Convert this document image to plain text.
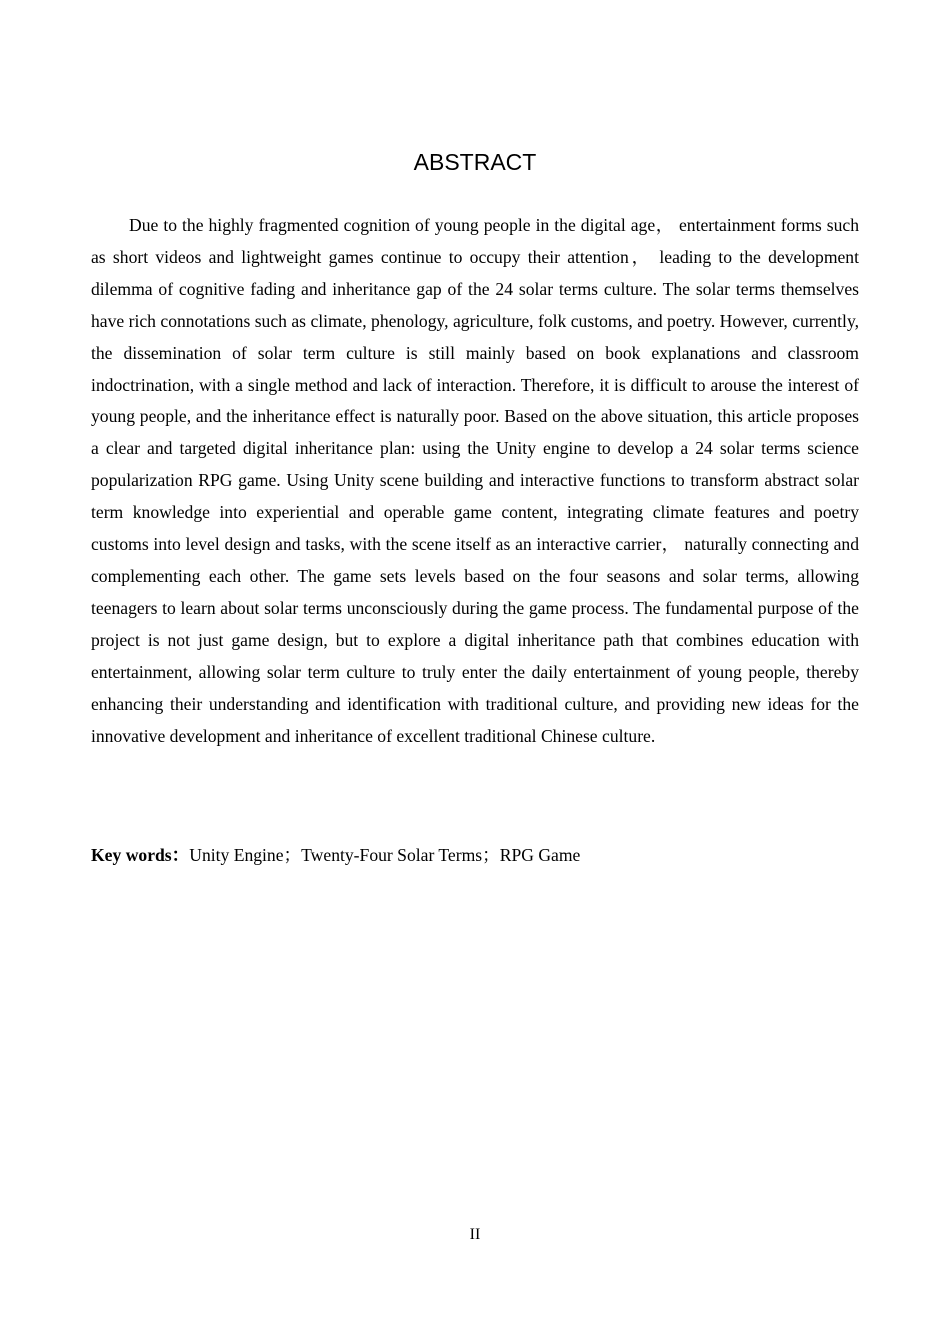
ABSTRACT

Due to the highly fragmented cognition of young people in the digital age， entertainment forms such as short videos and lightweight games continue to occupy their attention， leading to the development dilemma of cognitive fading and inheritance gap of the 24 solar terms culture. The solar terms themselves have rich connotations such as climate, phenology, agriculture, folk customs, and poetry. However, currently, the dissemination of solar term culture is still mainly based on book explanations and classroom indoctrination, with a single method and lack of interaction. Therefore, it is difficult to arouse the interest of young people, and the inheritance effect is naturally poor. Based on the above situation, this article proposes a clear and targeted digital inheritance plan: using the Unity engine to develop a 24 solar terms science popularization RPG game. Using Unity scene building and interactive functions to transform abstract solar term knowledge into experiential and operable game content, integrating climate features and poetry customs into level design and tasks, with the scene itself as an interactive carrier， naturally connecting and complementing each other. The game sets levels based on the four seasons and solar terms, allowing teenagers to learn about solar terms unconsciously during the game process. The fundamental purpose of the project is not just game design, but to explore a digital inheritance path that combines education with entertainment, allowing solar term culture to truly enter the daily entertainment of young people, thereby enhancing their understanding and identification with traditional culture, and providing new ideas for the innovative development and inheritance of excellent traditional Chinese culture.

Key words：Unity Engine；Twenty-Four Solar Terms；RPG Game

II
